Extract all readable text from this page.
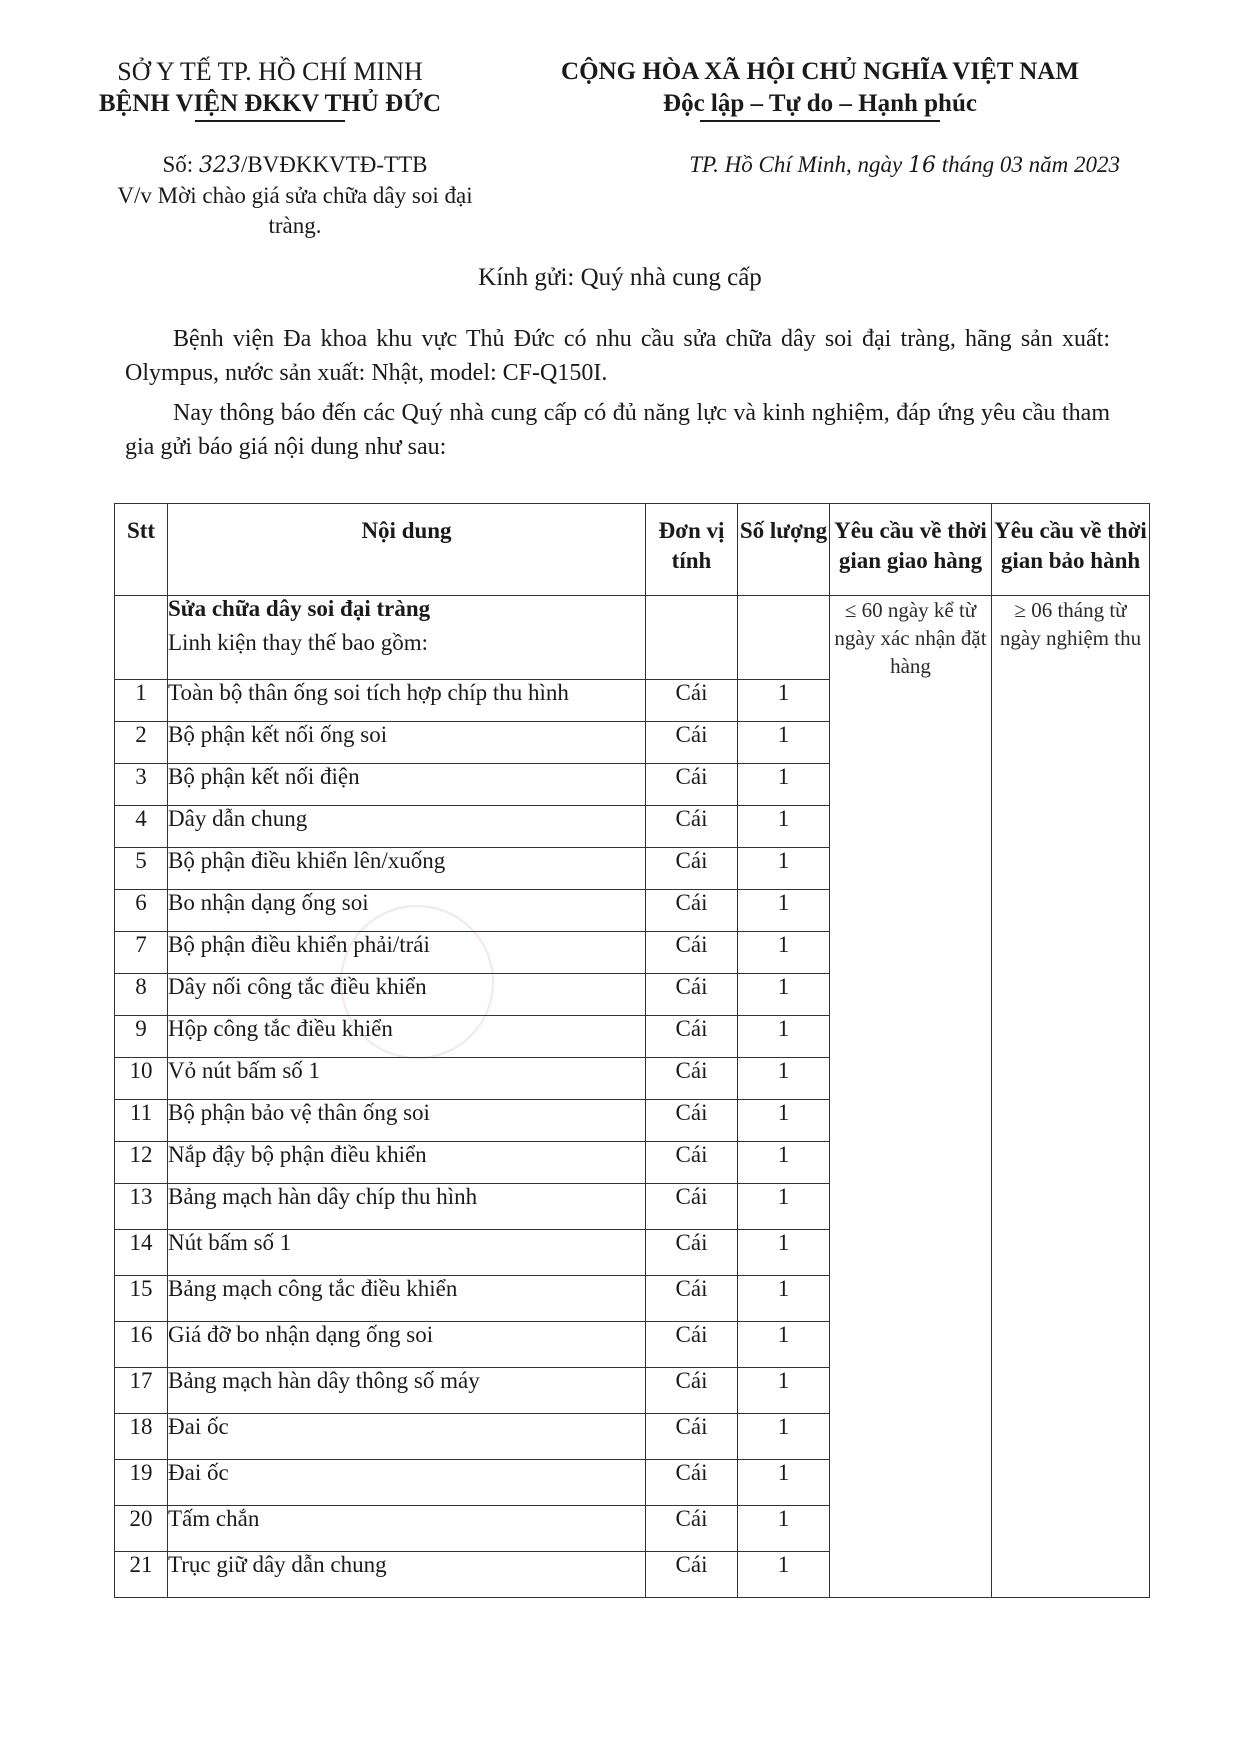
SỞ Y TẾ TP. HỒ CHÍ MINH
BỆNH VIỆN ĐKKV THỦ ĐỨC
CỘNG HÒA XÃ HỘI CHỦ NGHĨA VIỆT NAM
Độc lập – Tự do – Hạnh phúc
Số: 323/BVĐKKVTĐ-TTB
V/v Mời chào giá sửa chữa dây soi đại tràng.
TP. Hồ Chí Minh, ngày 16 tháng 03 năm 2023
Kính gửi: Quý nhà cung cấp
Bệnh viện Đa khoa khu vực Thủ Đức có nhu cầu sửa chữa dây soi đại tràng, hãng sản xuất: Olympus, nước sản xuất: Nhật, model: CF-Q150I.
Nay thông báo đến các Quý nhà cung cấp có đủ năng lực và kinh nghiệm, đáp ứng yêu cầu tham gia gửi báo giá nội dung như sau:
Stt	Nội dung	Đơn vị tính	Số lượng	Yêu cầu về thời gian giao hàng	Yêu cầu về thời gian bảo hành

	Sửa chữa dây soi đại tràng
Linh kiện thay thế bao gồm:			≤ 60 ngày kể từ ngày xác nhận đặt hàng	≥ 06 tháng từ ngày nghiệm thu
1	Toàn bộ thân ống soi tích hợp chíp thu hình	Cái	1		
2	Bộ phận kết nối ống soi	Cái	1		
3	Bộ phận kết nối điện	Cái	1		
4	Dây dẫn chung	Cái	1		
5	Bộ phận điều khiển lên/xuống	Cái	1		
6	Bo nhận dạng ống soi	Cái	1		
7	Bộ phận điều khiển phải/trái	Cái	1		
8	Dây nối công tắc điều khiển	Cái	1		
9	Hộp công tắc điều khiển	Cái	1		
10	Vỏ nút bấm số 1	Cái	1		
11	Bộ phận bảo vệ thân ống soi	Cái	1		
12	Nắp đậy bộ phận điều khiển	Cái	1		
13	Bảng mạch hàn dây chíp thu hình	Cái	1		
14	Nút bấm số 1	Cái	1		
15	Bảng mạch công tắc điều khiển	Cái	1		
16	Giá đỡ bo nhận dạng ống soi	Cái	1		
17	Bảng mạch hàn dây thông số máy	Cái	1		
18	Đai ốc	Cái	1		
19	Đai ốc	Cái	1		
20	Tấm chắn	Cái	1		
21	Trục giữ dây dẫn chung	Cái	1		
